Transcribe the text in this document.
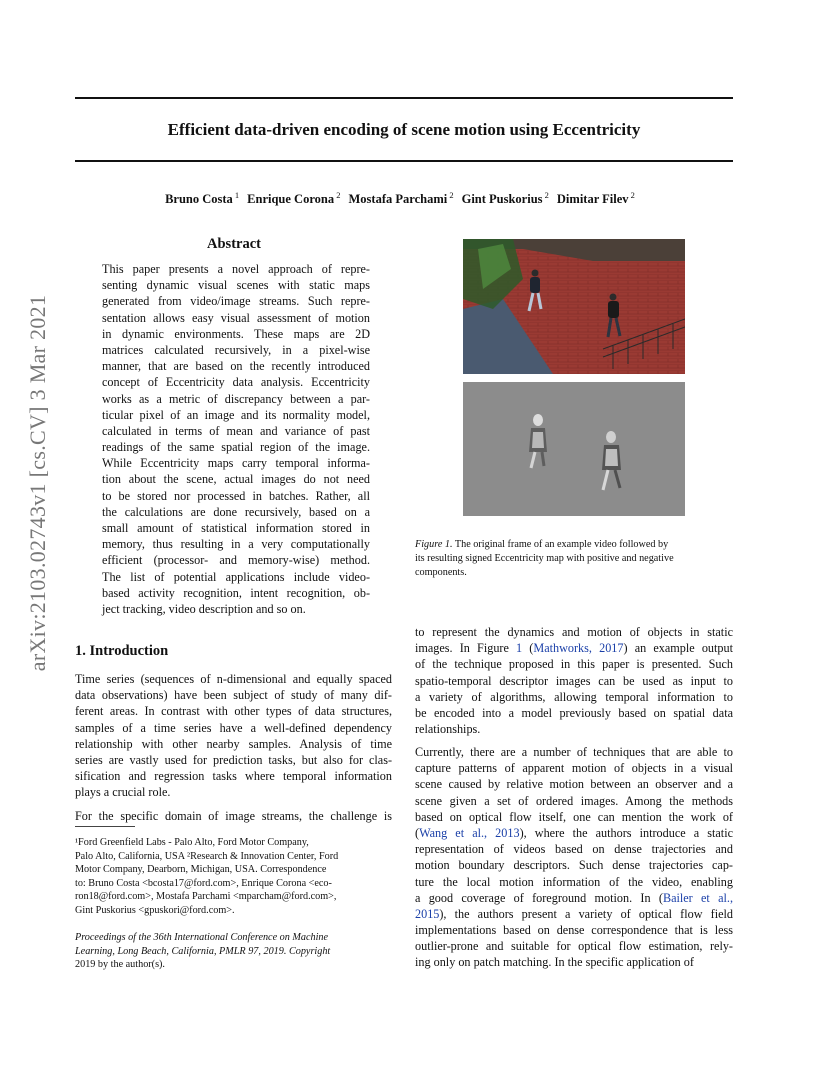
arXiv:2103.02743v1 [cs.CV] 3 Mar 2021
Efficient data-driven encoding of scene motion using Eccentricity
Bruno Costa $^1$ Enrique Corona $^2$ Mostafa Parchami $^2$ Gint Puskorius $^2$ Dimitar Filev $^2$
Abstract
This paper presents a novel approach of repre-
senting dynamic visual scenes with static maps
generated from video/image streams. Such repre-
sentation allows easy visual assessment of motion
in dynamic environments. These maps are 2D
matrices calculated recursively, in a pixel-wise
manner, that are based on the recently introduced
concept of Eccentricity data analysis. Eccentricity
works as a metric of discrepancy between a par-
ticular pixel of an image and its normality model,
calculated in terms of mean and variance of past
readings of the same spatial region of the image.
While Eccentricity maps carry temporal informa-
tion about the scene, actual images do not need
to be stored nor processed in batches. Rather, all
the calculations are done recursively, based on a
small amount of statistical information stored in
memory, thus resulting in a very computationally
efficient (processor- and memory-wise) method.
The list of potential applications include video-
based activity recognition, intent recognition, ob-
ject tracking, video description and so on.
1. Introduction
Time series (sequences of n-dimensional and equally spaced
data observations) have been subject of study of many dif-
ferent areas. In contrast with other types of data structures,
samples of a time series have a well-defined dependency
relationship with other nearby samples. Analysis of time
series are vastly used for prediction tasks, but also for clas-
sification and regression tasks where temporal information
plays a crucial role.
For the specific domain of image streams, the challenge is
¹Ford Greenfield Labs - Palo Alto, Ford Motor Company,
Palo Alto, California, USA ²Research & Innovation Center, Ford
Motor Company, Dearborn, Michigan, USA. Correspondence
to: Bruno Costa <bcosta17@ford.com>, Enrique Corona <eco-
ron18@ford.com>, Mostafa Parchami <mparcham@ford.com>,
Gint Puskorius <gpuskori@ford.com>.
Proceedings of the 36th International Conference on Machine
Learning, Long Beach, California, PMLR 97, 2019. Copyright
2019 by the author(s).
Figure 1. The original frame of an example video followed by
its resulting signed Eccentricity map with positive and negative
components.
to represent the dynamics and motion of objects in static
images. In Figure 1 (Mathworks, 2017) an example output
of the technique proposed in this paper is presented. Such
spatio-temporal descriptor images can be used as input to
a variety of algorithms, allowing temporal information to
be encoded into a model previously based on spatial data
relationships.
Currently, there are a number of techniques that are able to
capture patterns of apparent motion of objects in a visual
scene caused by relative motion between an observer and a
scene given a set of ordered images. Among the methods
based on optical flow itself, one can mention the work of
(Wang et al., 2013), where the authors introduce a static
representation of videos based on dense trajectories and
motion boundary descriptors. Such dense trajectories cap-
ture the local motion information of the video, enabling
a good coverage of foreground motion. In (Bailer et al.,
2015), the authors present a variety of optical flow field
implementations based on dense correspondence that is less
outlier-prone and suitable for optical flow estimation, rely-
ing only on patch matching. In the specific application of
